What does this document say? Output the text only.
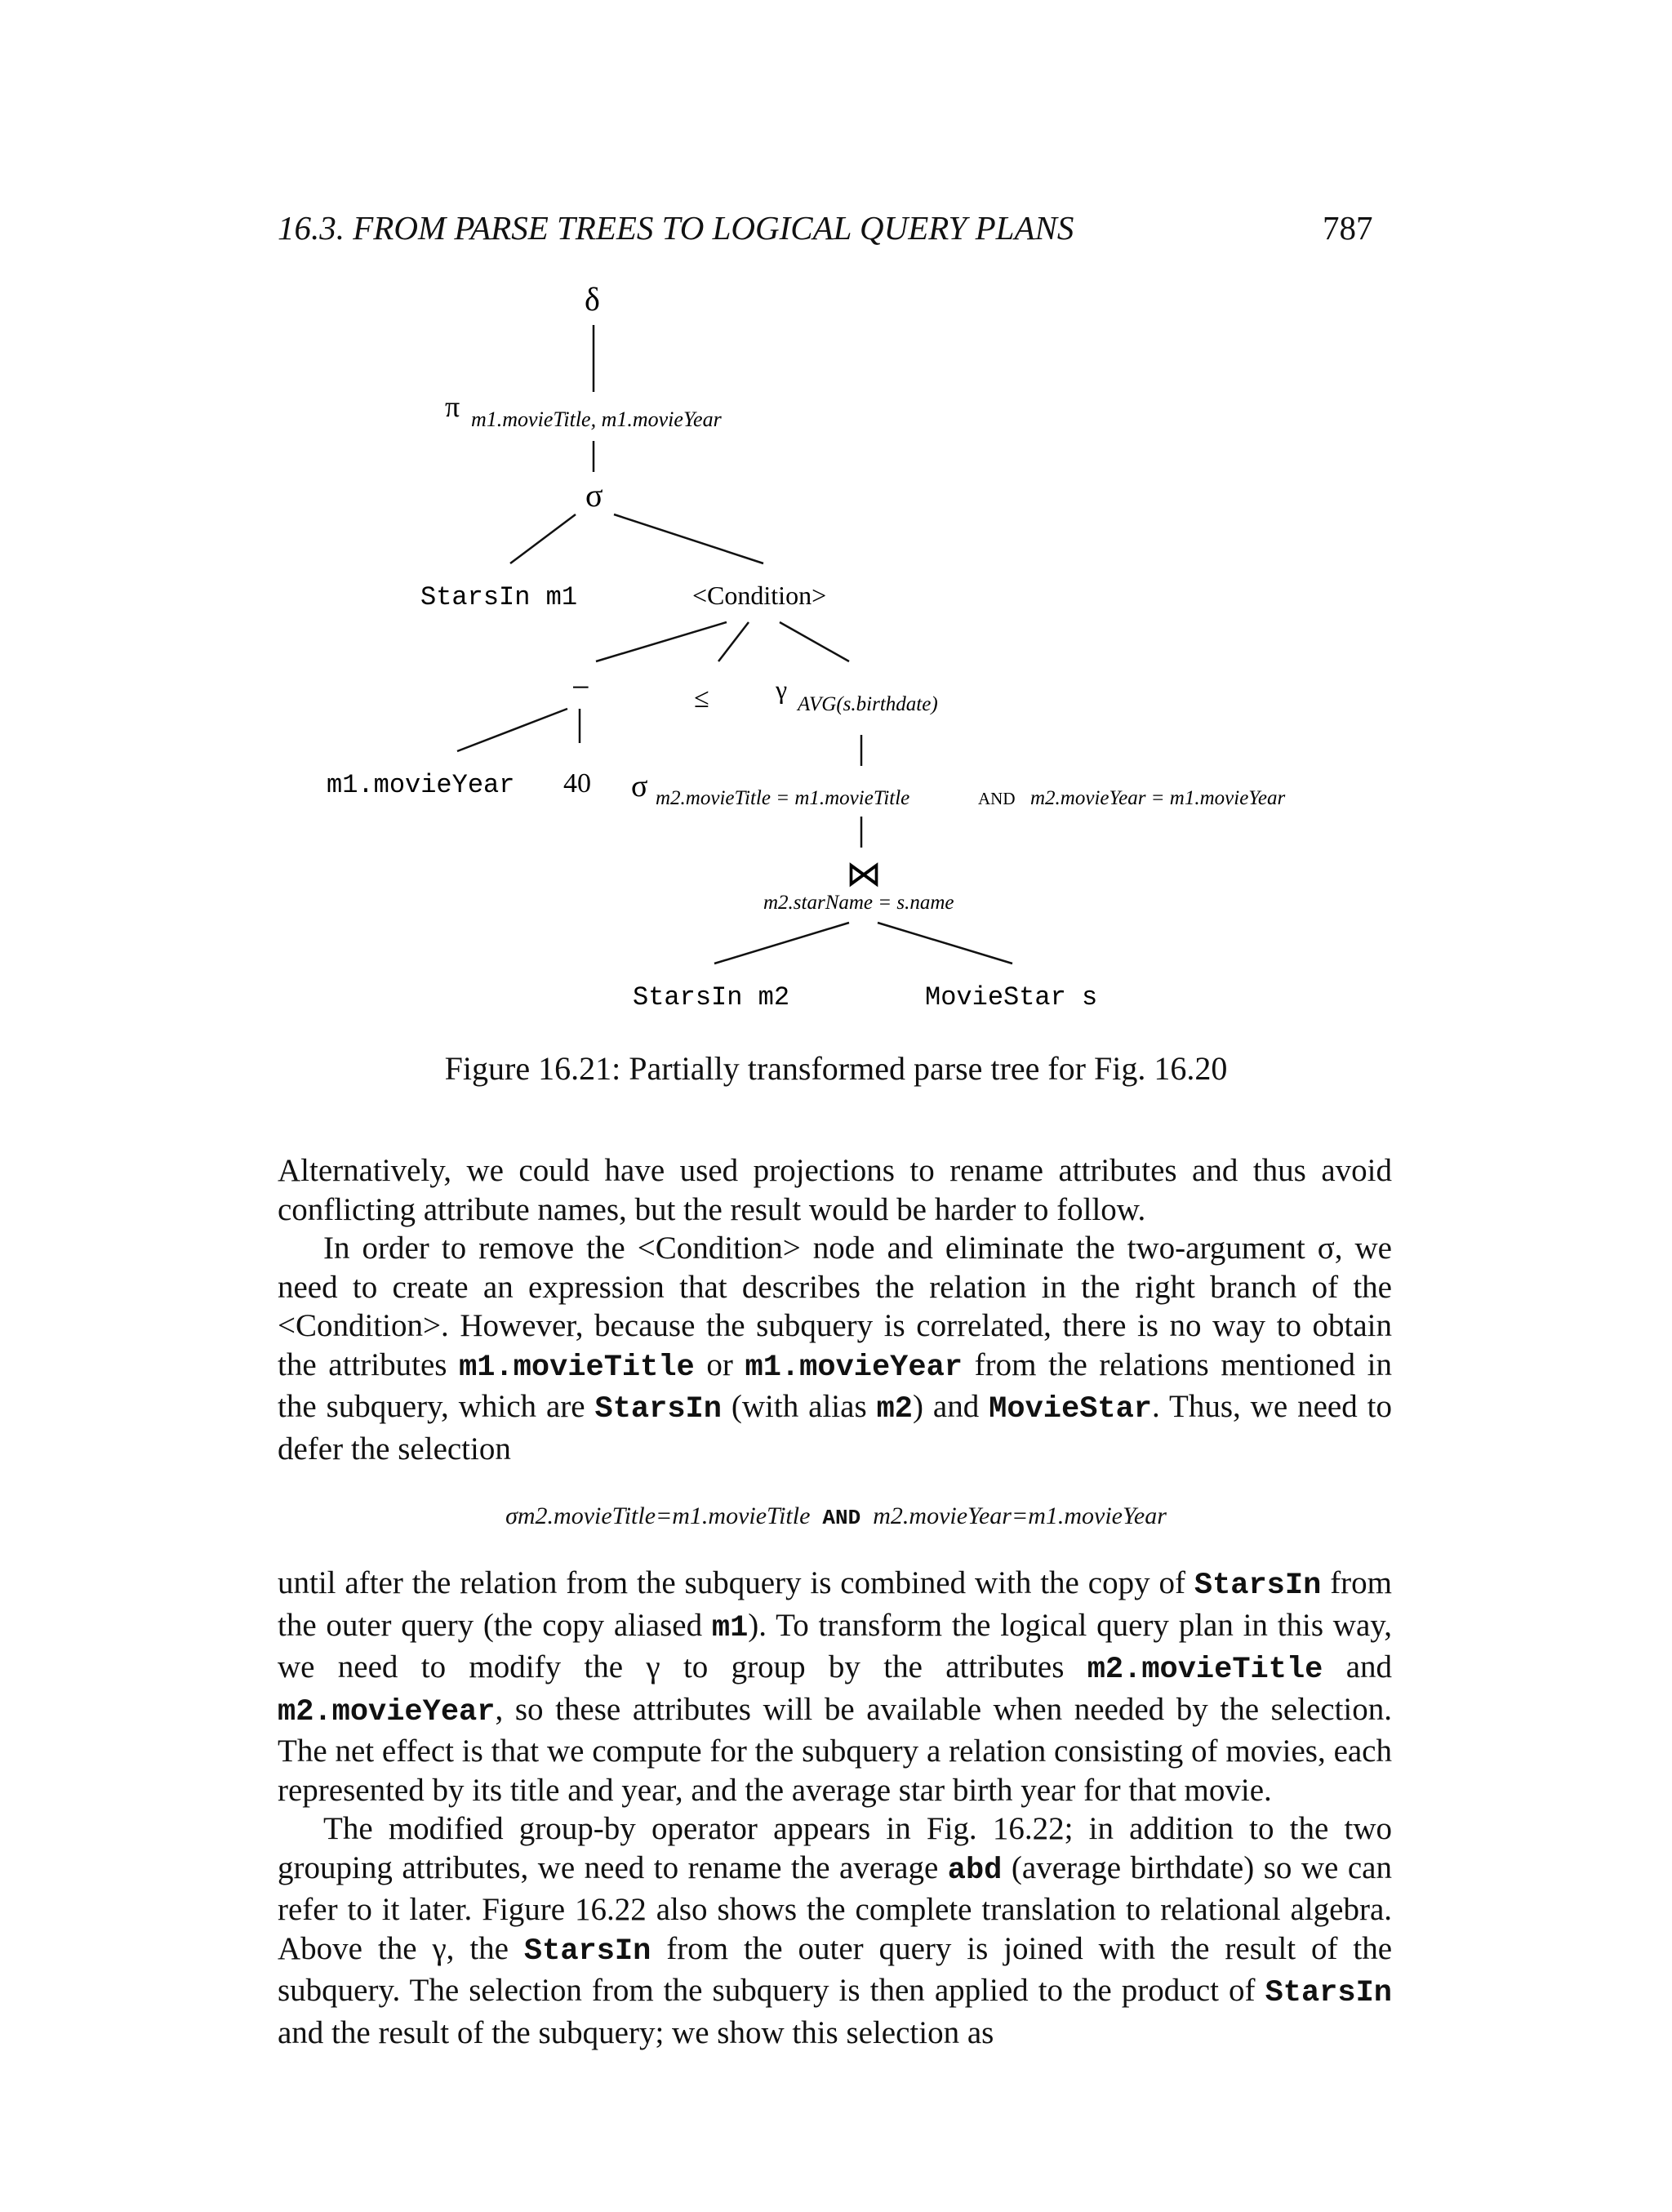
16.3. FROM PARSE TREES TO LOGICAL QUERY PLANS	787
δ
π m1.movieTitle, m1.movieYear
σ
StarsIn m1	<Condition>
−	≤	γ
AVG(s.birthdate)
m1.movieYear 40 σ m2.movieTitle = m1.movieTitle	AND m2.movieYear = m1.movieYear
⋈
m2.starName = s.name
StarsIn m2	MovieStar s
Figure 16.21: Partially transformed parse tree for Fig. 16.20

Alternatively, we could have used projections to rename attributes and thus avoid conflicting attribute names, but the result would be harder to follow.

In order to remove the <Condition> node and eliminate the two-argument σ, we need to create an expression that describes the relation in the right branch of the <Condition>. However, because the subquery is correlated, there is no way to obtain the attributes m1.movieTitle or m1.movieYear from the relations mentioned in the subquery, which are StarsIn (with alias m2) and MovieStar. Thus, we need to defer the selection

σm2.movieTitle=m1.movieTitle AND m2.movieYear=m1.movieYear

until after the relation from the subquery is combined with the copy of StarsIn from the outer query (the copy aliased m1). To transform the logical query plan in this way, we need to modify the γ to group by the attributes m2.movieTitle and m2.movieYear, so these attributes will be available when needed by the selection. The net effect is that we compute for the subquery a relation consisting of movies, each represented by its title and year, and the average star birth year for that movie.

The modified group-by operator appears in Fig. 16.22; in addition to the two grouping attributes, we need to rename the average abd (average birthdate) so we can refer to it later. Figure 16.22 also shows the complete translation to relational algebra. Above the γ, the StarsIn from the outer query is joined with the result of the subquery. The selection from the subquery is then applied to the product of StarsIn and the result of the subquery; we show this selection as
